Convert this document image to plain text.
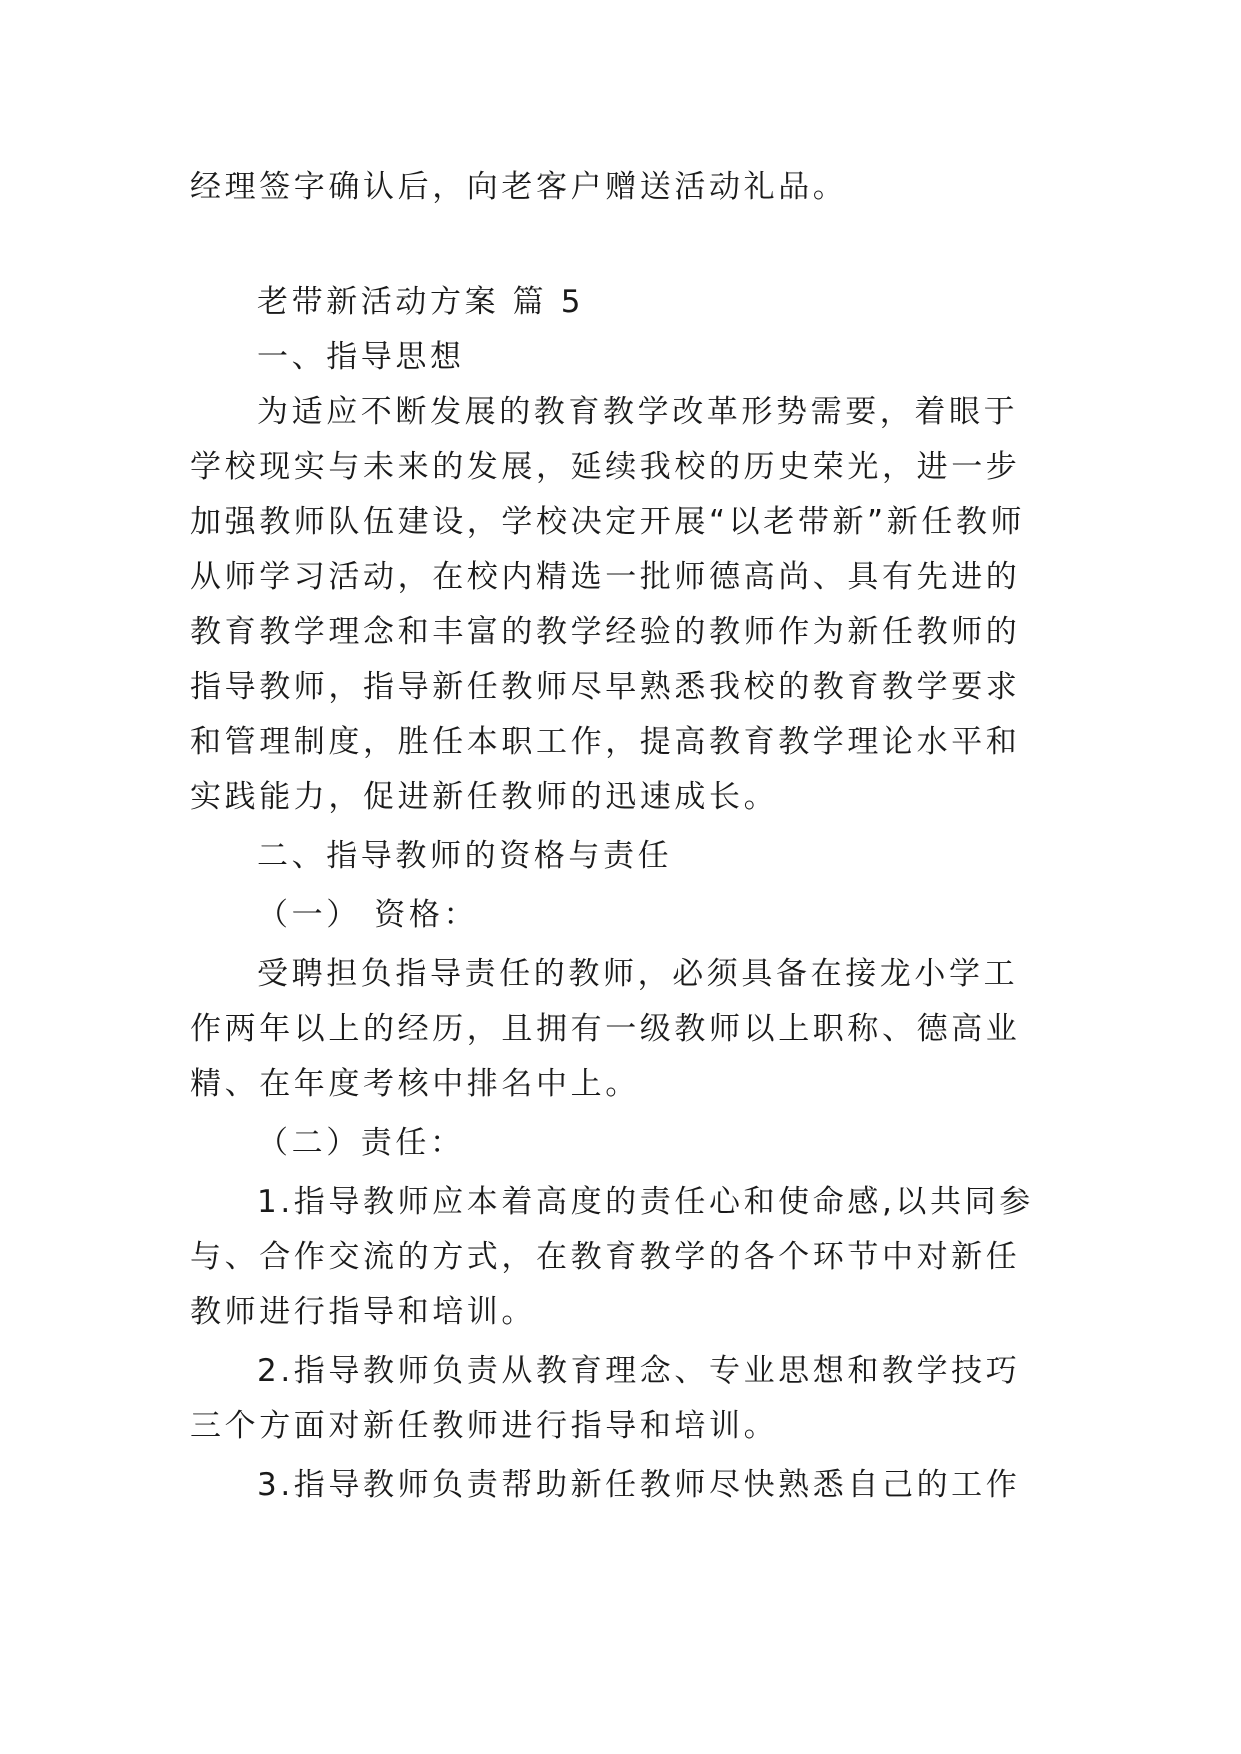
经理签字确认后，向老客户赠送活动礼品。

老带新活动方案 篇 5

一、指导思想

为适应不断发展的教育教学改革形势需要，着眼于学校现实与未来的发展，延续我校的历史荣光，进一步加强教师队伍建设，学校决定开展“以老带新”新任教师从师学习活动，在校内精选一批师德高尚、具有先进的教育教学理念和丰富的教学经验的教师作为新任教师的指导教师，指导新任教师尽早熟悉我校的教育教学要求和管理制度，胜任本职工作，提高教育教学理论水平和实践能力，促进新任教师的迅速成长。

二、指导教师的资格与责任

（一） 资格：

受聘担负指导责任的教师，必须具备在接龙小学工作两年以上的经历，且拥有一级教师以上职称、德高业精、在年度考核中排名中上。

（二）责任：

1.指导教师应本着高度的责任心和使命感,以共同参与、合作交流的方式，在教育教学的各个环节中对新任教师进行指导和培训。

2.指导教师负责从教育理念、专业思想和教学技巧三个方面对新任教师进行指导和培训。

3.指导教师负责帮助新任教师尽快熟悉自己的工作
